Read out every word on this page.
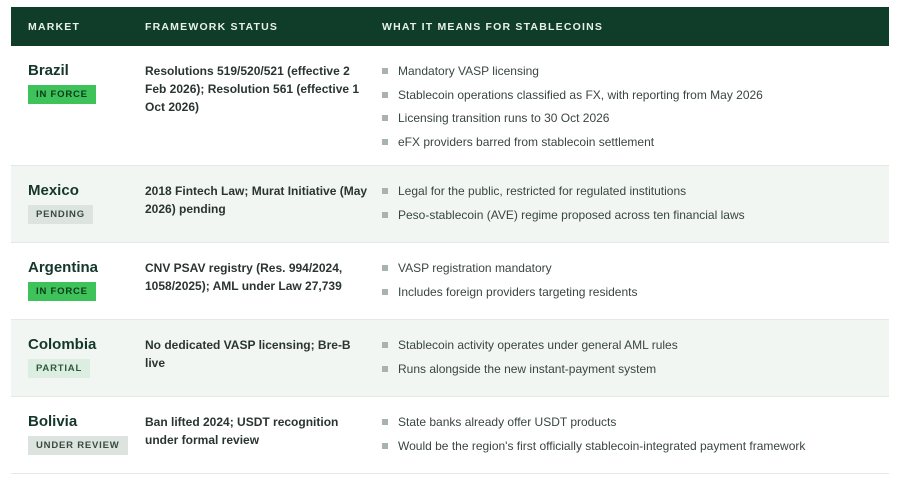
MARKET	FRAMEWORK STATUS	WHAT IT MEANS FOR STABLECOINS
Brazil
IN FORCE
Resolutions 519/520/521 (effective 2 Feb 2026); Resolution 561 (effective 1 Oct 2026)
Mandatory VASP licensing
Stablecoin operations classified as FX, with reporting from May 2026
Licensing transition runs to 30 Oct 2026
eFX providers barred from stablecoin settlement
Mexico
PENDING
2018 Fintech Law; Murat Initiative (May 2026) pending
Legal for the public, restricted for regulated institutions
Peso-stablecoin (AVE) regime proposed across ten financial laws
Argentina
IN FORCE
CNV PSAV registry (Res. 994/2024, 1058/2025); AML under Law 27,739
VASP registration mandatory
Includes foreign providers targeting residents
Colombia
PARTIAL
No dedicated VASP licensing; Bre-B live
Stablecoin activity operates under general AML rules
Runs alongside the new instant-payment system
Bolivia
UNDER REVIEW
Ban lifted 2024; USDT recognition under formal review
State banks already offer USDT products
Would be the region's first officially stablecoin-integrated payment framework
